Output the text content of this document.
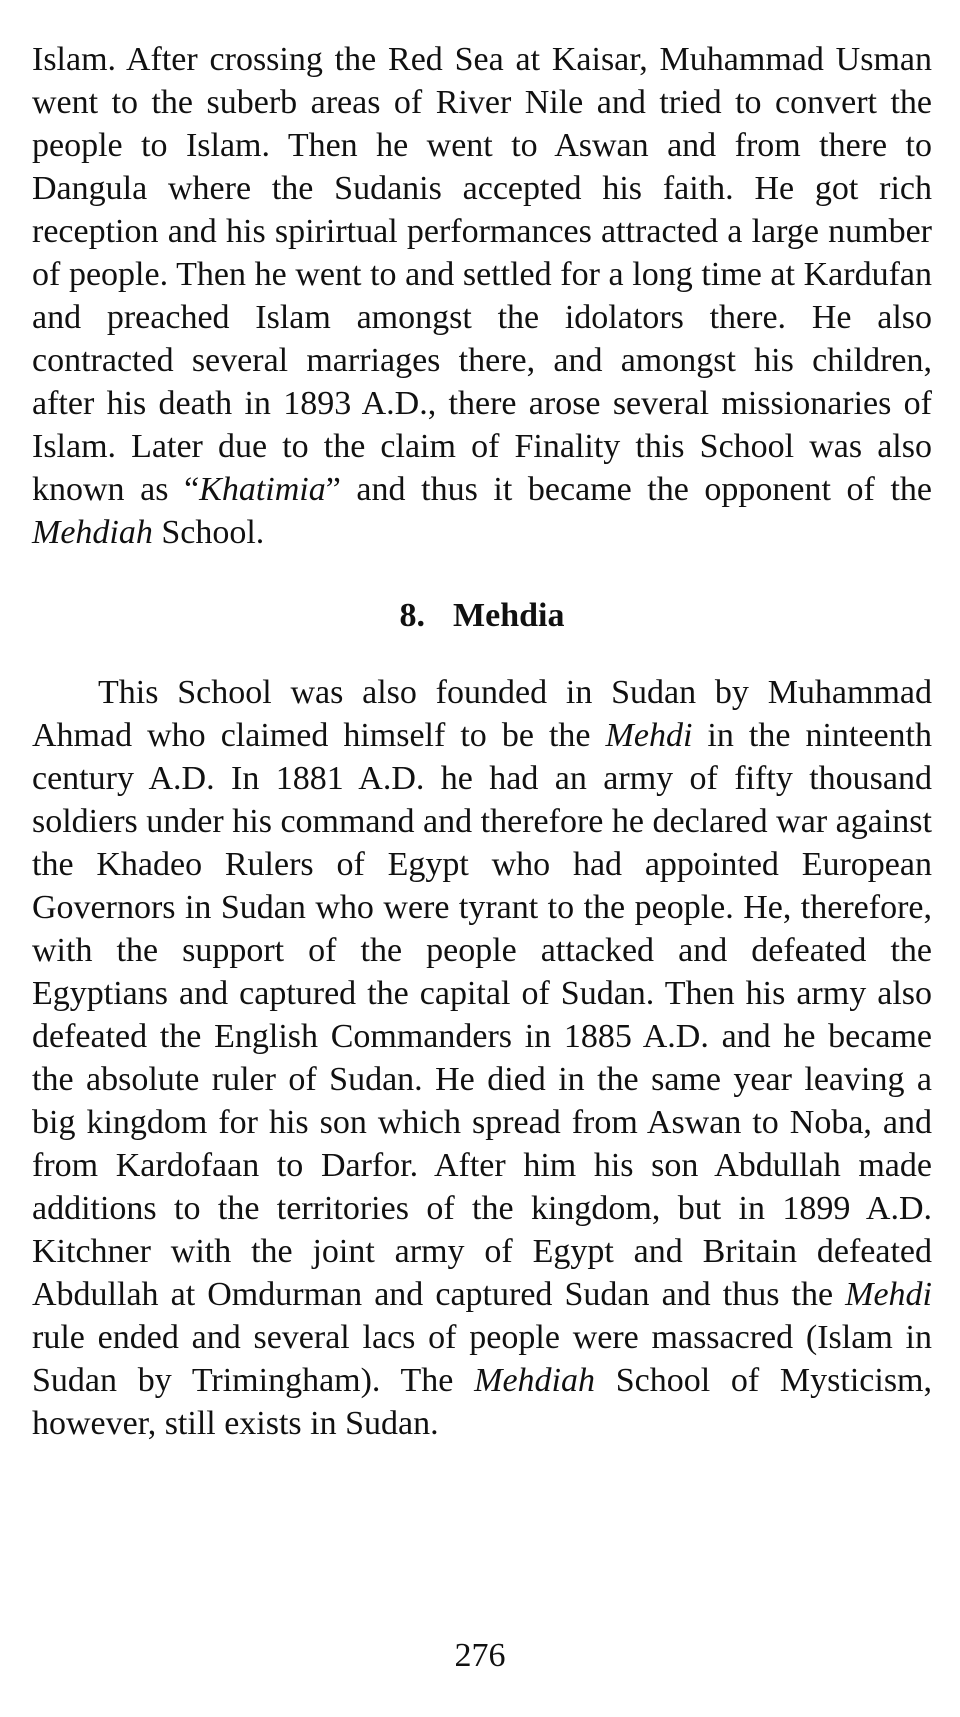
Islam. After crossing the Red Sea at Kaisar, Muhammad Usman went to the suberb areas of River Nile and tried to convert the people to Islam. Then he went to Aswan and from there to Dangula where the Sudanis accepted his faith. He got rich reception and his spirirtual performances attracted a large number of people. Then he went to and settled for a long time at Kardufan and preached Islam amongst the idolators there. He also contracted several marriages there, and amongst his children, after his death in 1893 A.D., there arose several missionaries of Islam. Later due to the claim of Finality this School was also known as “Khatimia” and thus it became the opponent of the Mehdiah School.

8. Mehdia

This School was also founded in Sudan by Muhammad Ahmad who claimed himself to be the Mehdi in the ninteenth century A.D. In 1881 A.D. he had an army of fifty thousand soldiers under his command and therefore he declared war against the Khadeo Rulers of Egypt who had appointed European Governors in Sudan who were tyrant to the people. He, therefore, with the support of the people attacked and defeated the Egyptians and captured the capital of Sudan. Then his army also defeated the English Commanders in 1885 A.D. and he became the absolute ruler of Sudan. He died in the same year leaving a big kingdom for his son which spread from Aswan to Noba, and from Kardofaan to Darfor. After him his son Abdullah made additions to the territories of the kingdom, but in 1899 A.D. Kitchner with the joint army of Egypt and Britain defeated Abdullah at Omdurman and captured Sudan and thus the Mehdi rule ended and several lacs of people were massacred (Islam in Sudan by Trimingham). The Mehdiah School of Mysticism, however, still exists in Sudan.

276
